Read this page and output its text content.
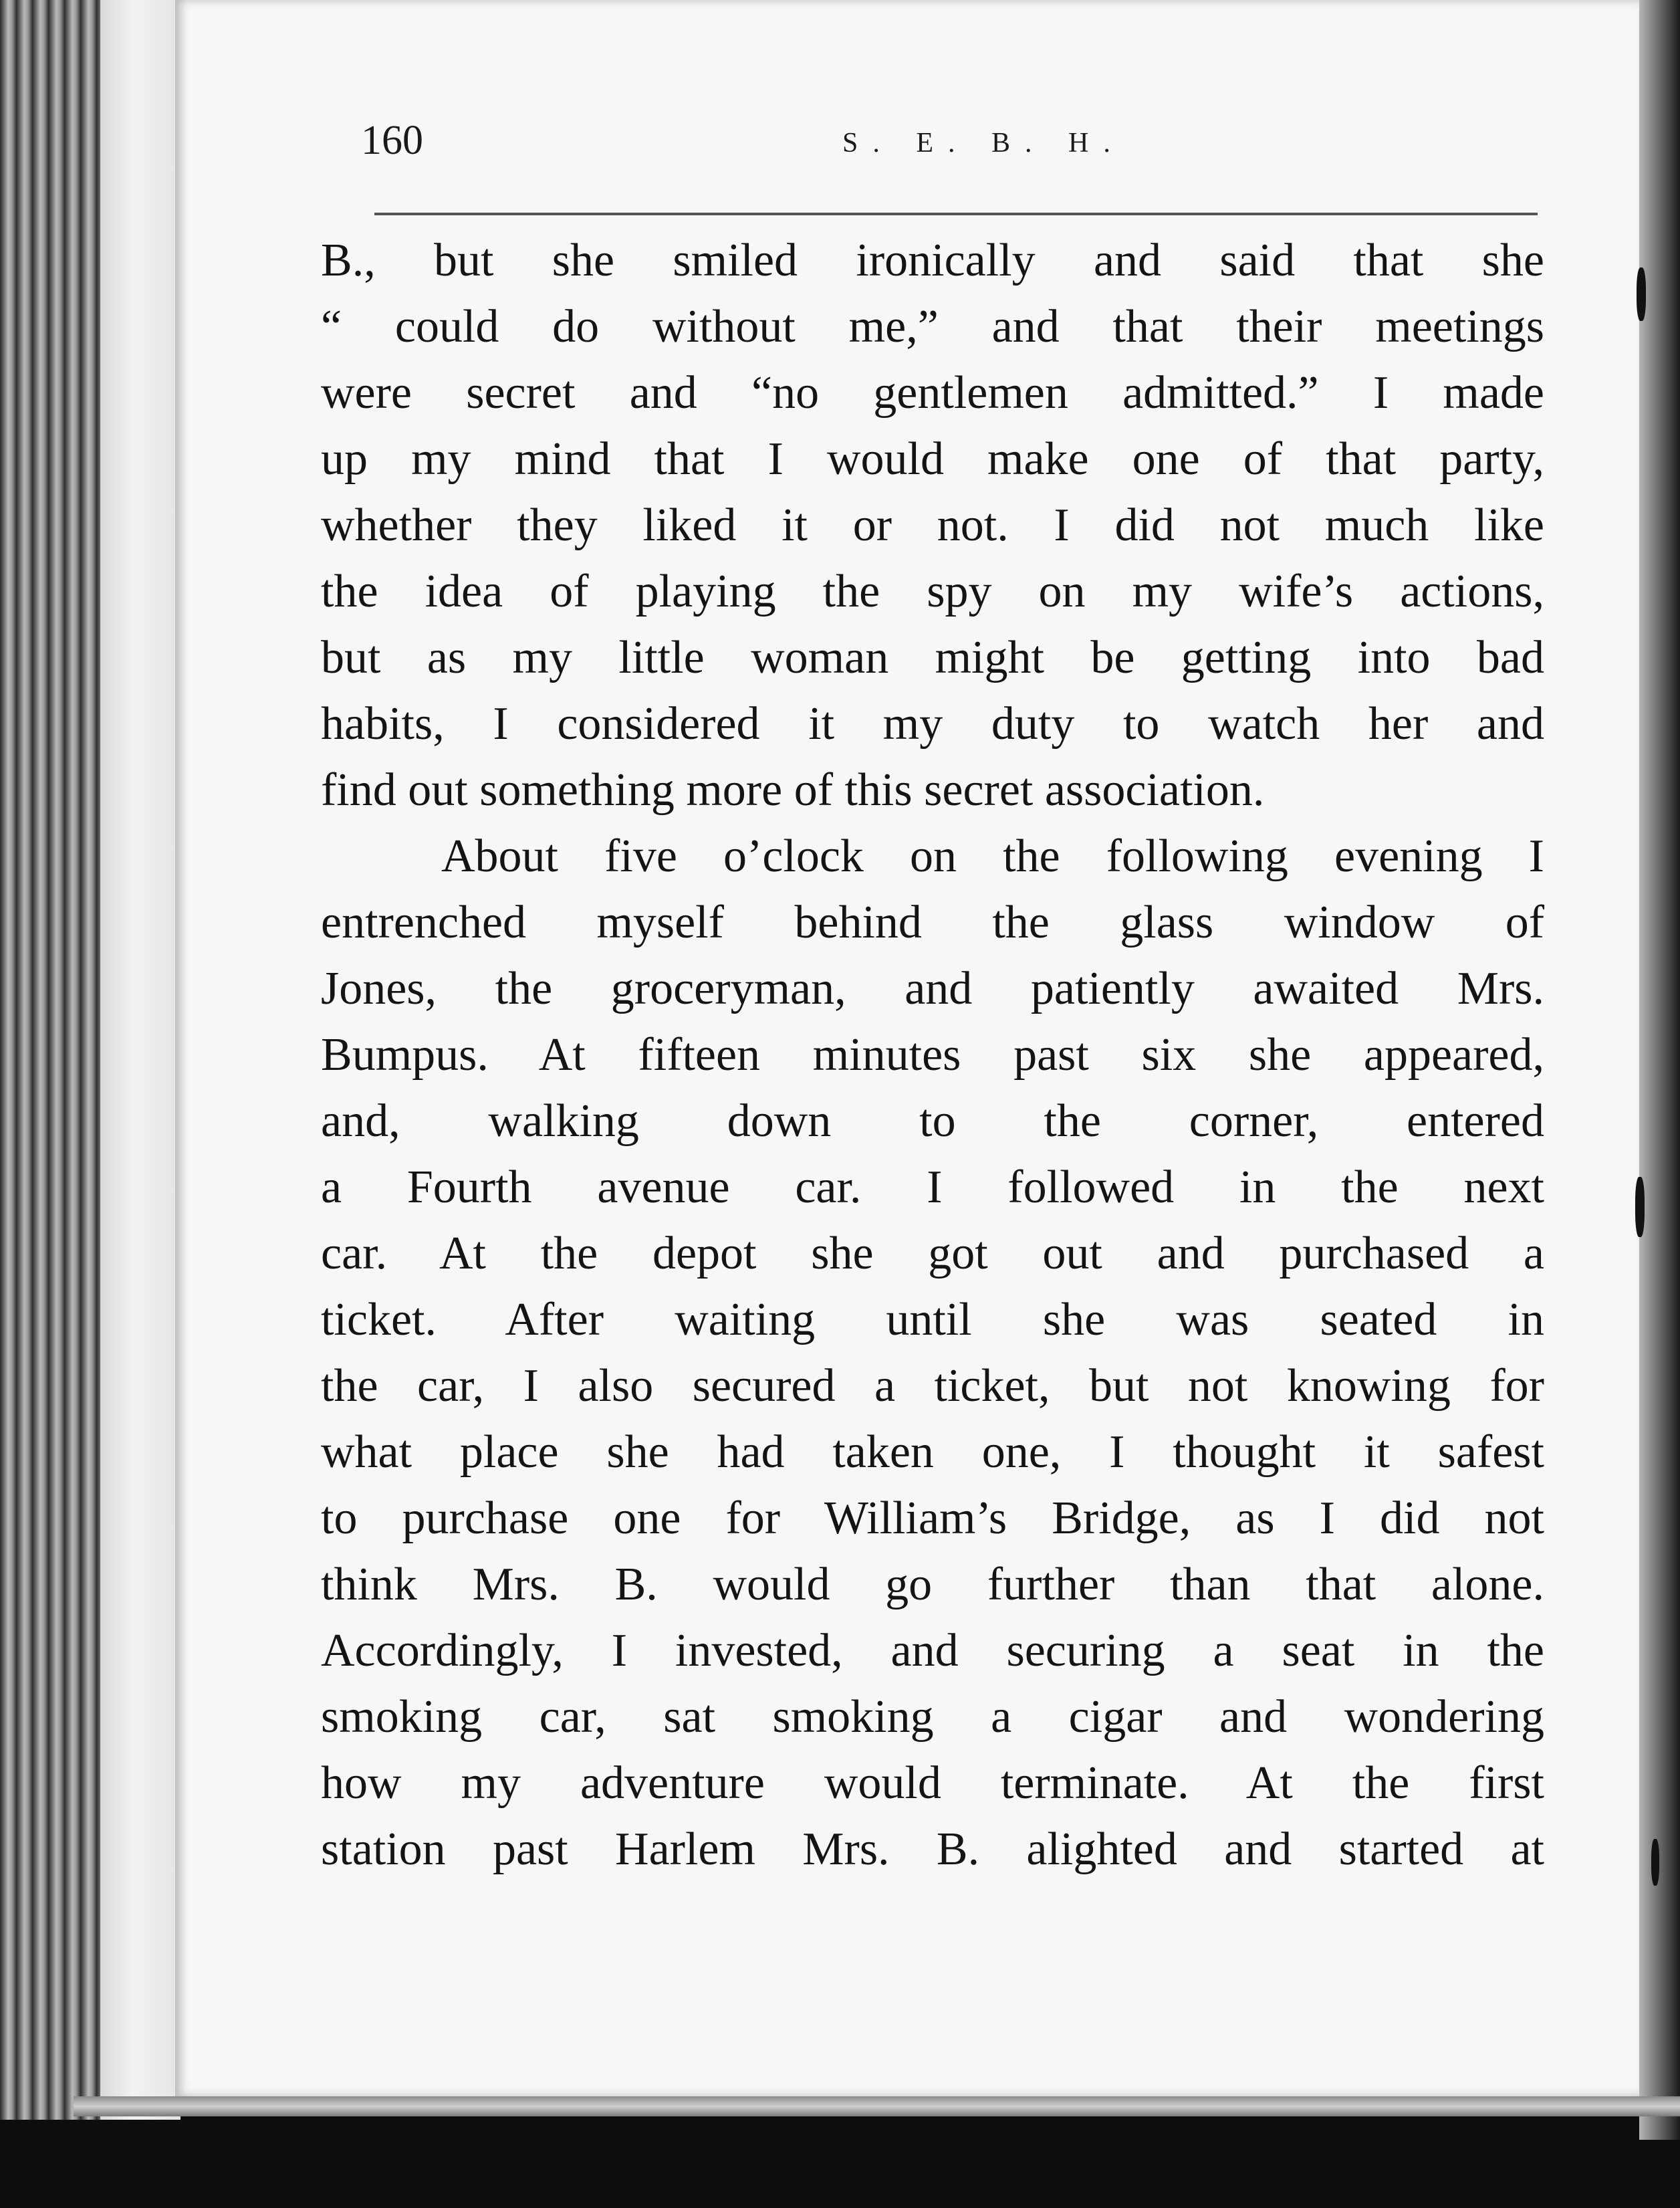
160	S. E. B. H.
B., but she smiled ironically and said that she
“ could do without me,” and that their meetings
were secret and “no gentlemen admitted.” I made
up my mind that I would make one of that party,
whether they liked it or not. I did not much like
the idea of playing the spy on my wife’s actions,
but as my little woman might be getting into bad
habits, I considered it my duty to watch her and
find out something more of this secret association.
About five o’clock on the following evening I
entrenched myself behind the glass window of
Jones, the groceryman, and patiently awaited Mrs.
Bumpus. At fifteen minutes past six she appeared,
and, walking down to the corner, entered
a Fourth avenue car. I followed in the next
car. At the depot she got out and purchased a
ticket. After waiting until she was seated in
the car, I also secured a ticket, but not knowing for
what place she had taken one, I thought it safest
to purchase one for William’s Bridge, as I did not
think Mrs. B. would go further than that alone.
Accordingly, I invested, and securing a seat in the
smoking car, sat smoking a cigar and wondering
how my adventure would terminate. At the first
station past Harlem Mrs. B. alighted and started at
